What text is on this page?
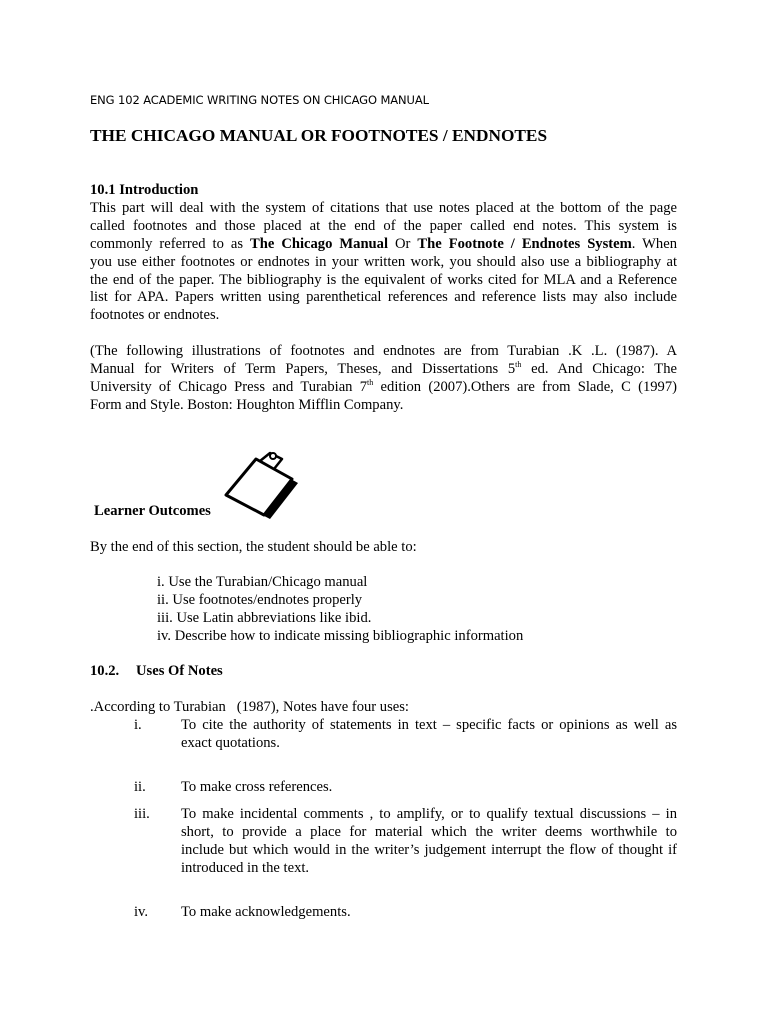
ENG 102 ACADEMIC WRITING NOTES ON CHICAGO MANUAL
THE CHICAGO MANUAL OR FOOTNOTES / ENDNOTES
10.1 Introduction
This part will deal with the system of citations that use notes placed at the bottom of the page
called footnotes and those placed at the end of the paper called end notes. This system is
commonly referred to as The Chicago Manual Or The Footnote / Endnotes System. When
you use either footnotes or endnotes in your written work, you should also use a bibliography at
the end of the paper. The bibliography is the equivalent of works cited for MLA and a Reference
list for APA. Papers written using parenthetical references and reference lists may also include
footnotes or endnotes.
(The following illustrations of footnotes and endnotes are from Turabian .K .L. (1987). A
Manual for Writers of Term Papers, Theses, and Dissertations 5th ed. And Chicago: The
University of Chicago Press and Turabian 7th edition (2007).Others are from Slade, C (1997)
Form and Style. Boston: Houghton Mifflin Company.
Learner Outcomes
By the end of this section, the student should be able to:
i. Use the Turabian/Chicago manual
ii. Use footnotes/endnotes properly
iii. Use Latin abbreviations like ibid.
iv. Describe how to indicate missing bibliographic information
10.2. Uses Of Notes
.According to Turabian   (1987), Notes have four uses:
i.	To cite the authority of statements in text – specific facts or opinions as well as
exact quotations.
ii.	To make cross references.
iii.	To make incidental comments , to amplify, or to qualify textual discussions – in
short, to provide a place for material which the writer deems worthwhile to
include but which would in the writer’s judgement interrupt the flow of thought if
introduced in the text.
iv.	To make acknowledgements.
